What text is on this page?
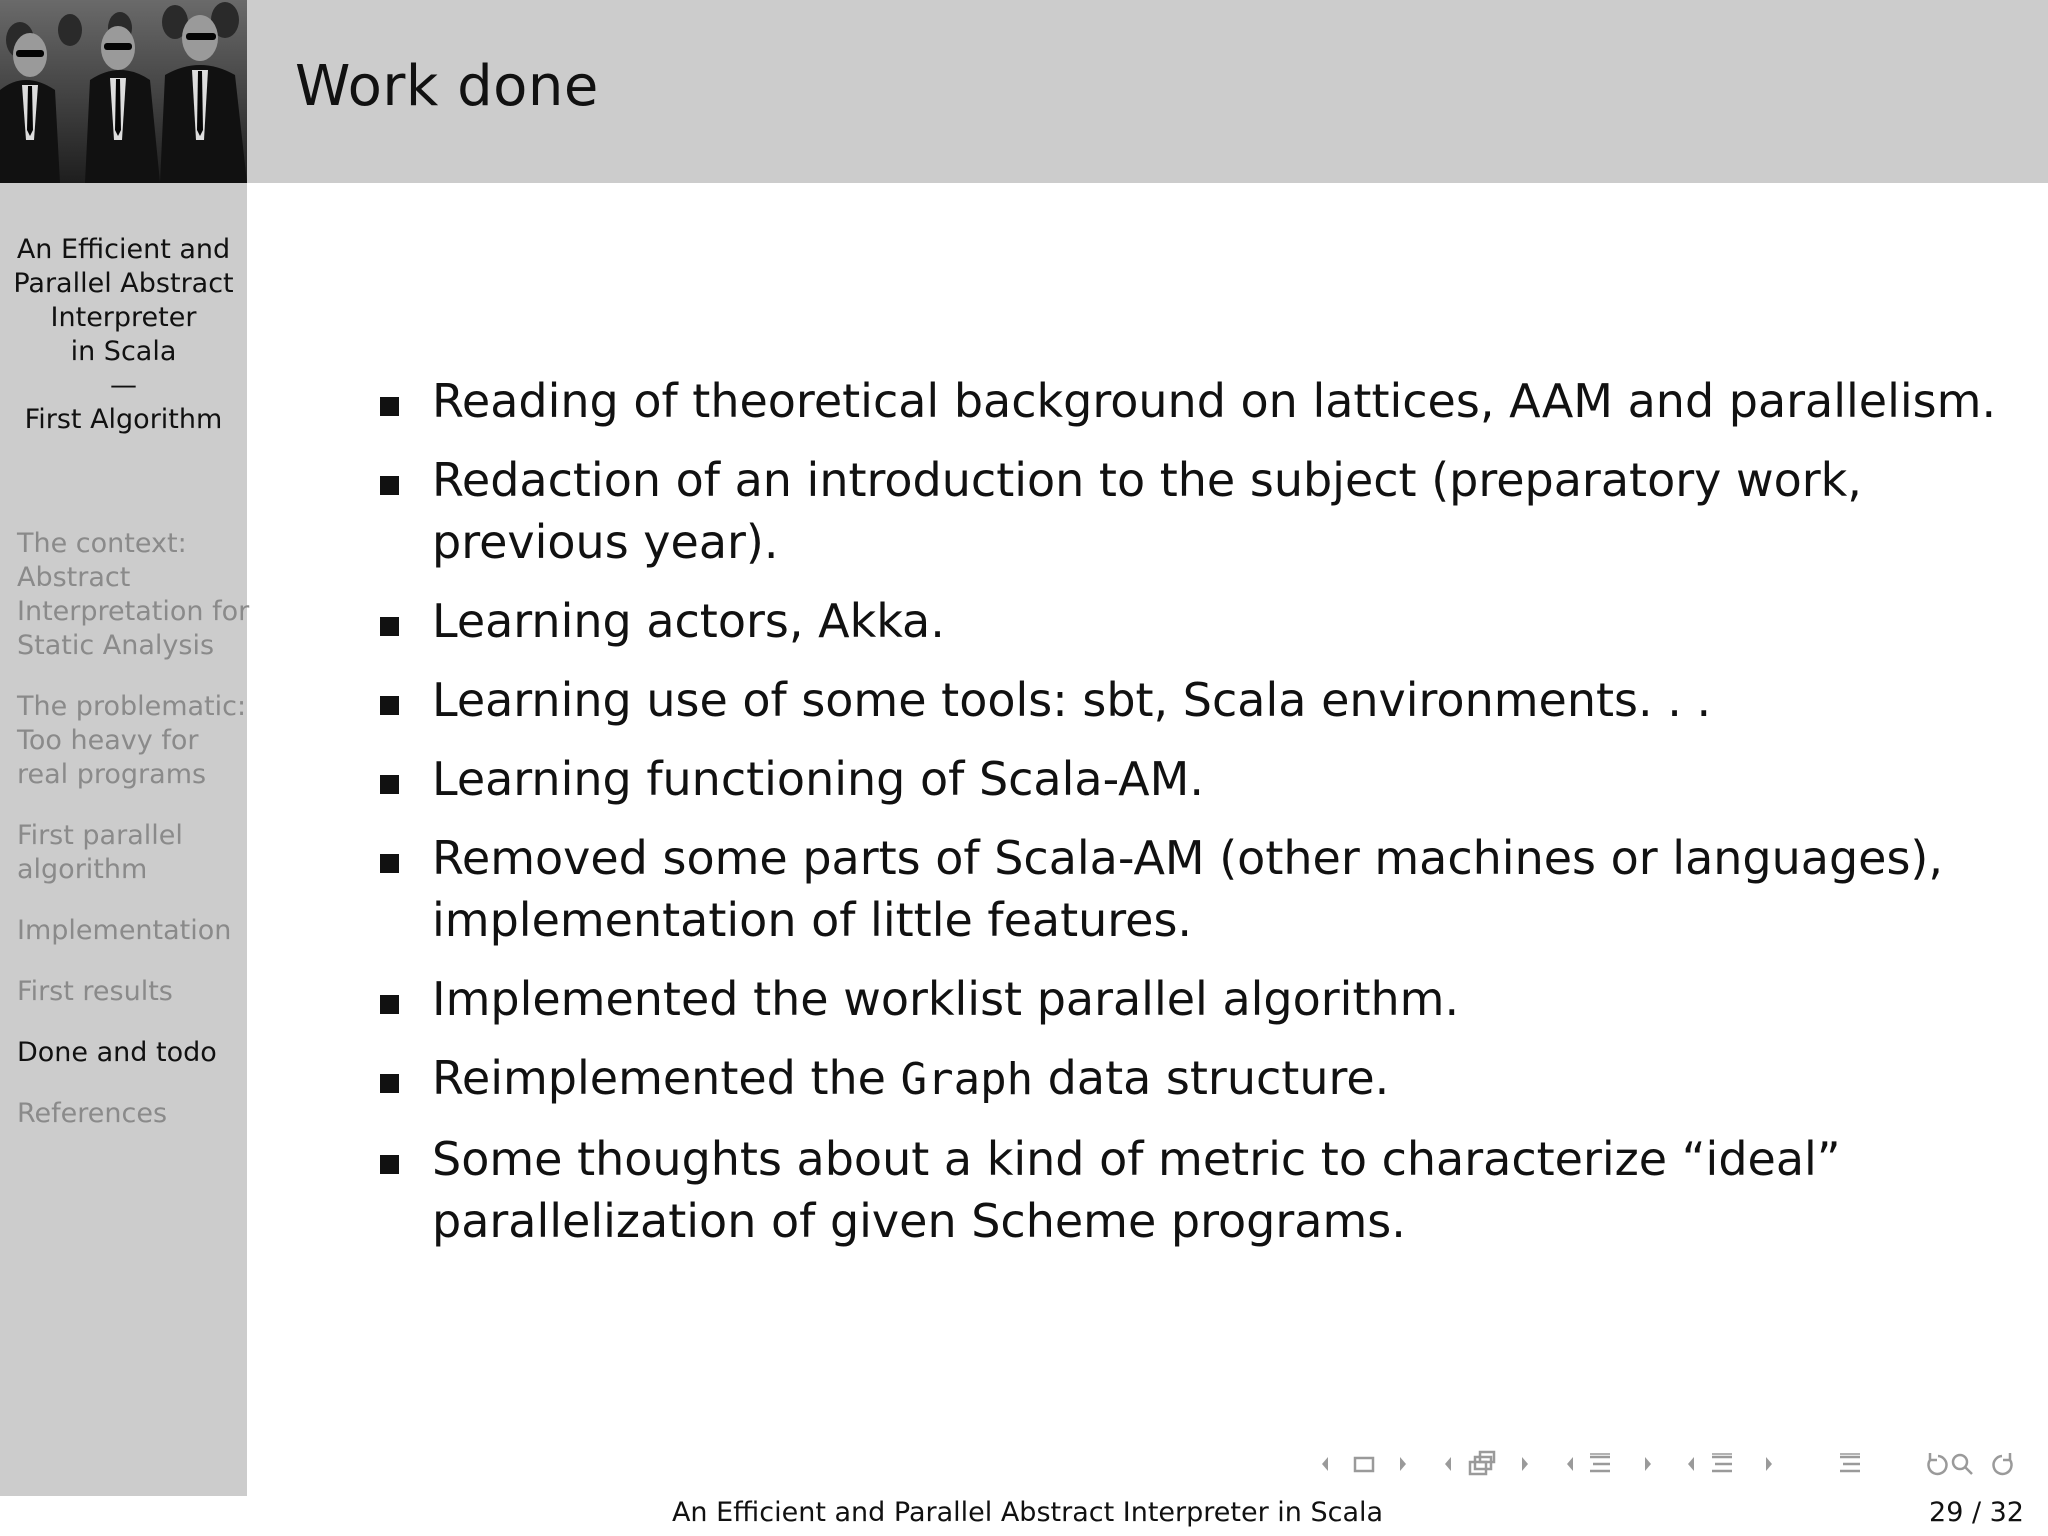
Work done
An Efficient and
Parallel Abstract
Interpreter
in Scala
—
First Algorithm
The context:
Abstract
Interpretation for
Static Analysis
The problematic:
Too heavy for
real programs
First parallel
algorithm
Implementation
First results
Done and todo
References
Reading of theoretical background on lattices, AAM and parallelism.
Redaction of an introduction to the subject (preparatory work,
previous year).
Learning actors, Akka.
Learning use of some tools: sbt, Scala environments. . .
Learning functioning of Scala-AM.
Removed some parts of Scala-AM (other machines or languages),
implementation of little features.
Implemented the worklist parallel algorithm.
Reimplemented the Graph data structure.
Some thoughts about a kind of metric to characterize “ideal”
parallelization of given Scheme programs.
An Efficient and Parallel Abstract Interpreter in Scala	29 / 32
